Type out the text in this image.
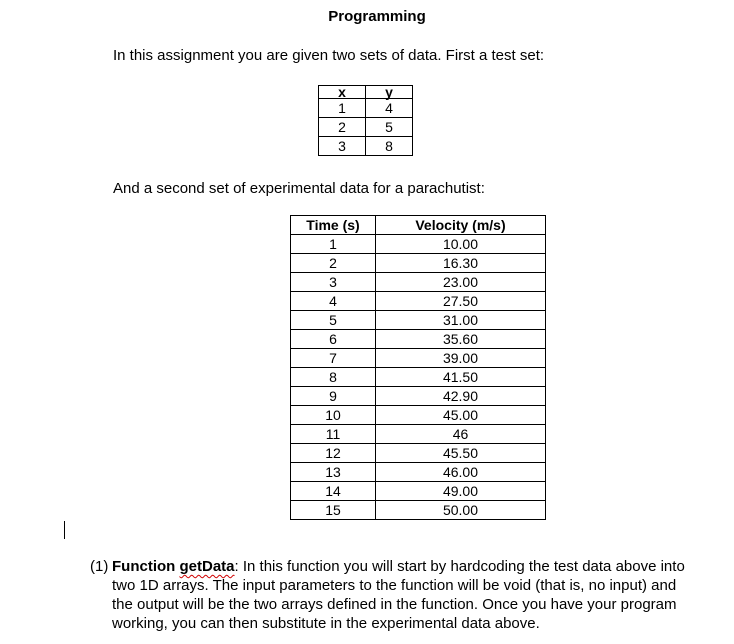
Programming
In this assignment you are given two sets of data. First a test set:
x	y
1	4
2	5
3	8
And a second set of experimental data for a parachutist:
Time (s)	Velocity (m/s)
1	10.00
2	16.30
3	23.00
4	27.50
5	31.00
6	35.60
7	39.00
8	41.50
9	42.90
10	45.00
11	46
12	45.50
13	46.00
14	49.00
15	50.00
(1) Function getData: In this function you will start by hardcoding the test data above into two 1D arrays. The input parameters to the function will be void (that is, no input) and the output will be the two arrays defined in the function. Once you have your program working, you can then substitute in the experimental data above.
